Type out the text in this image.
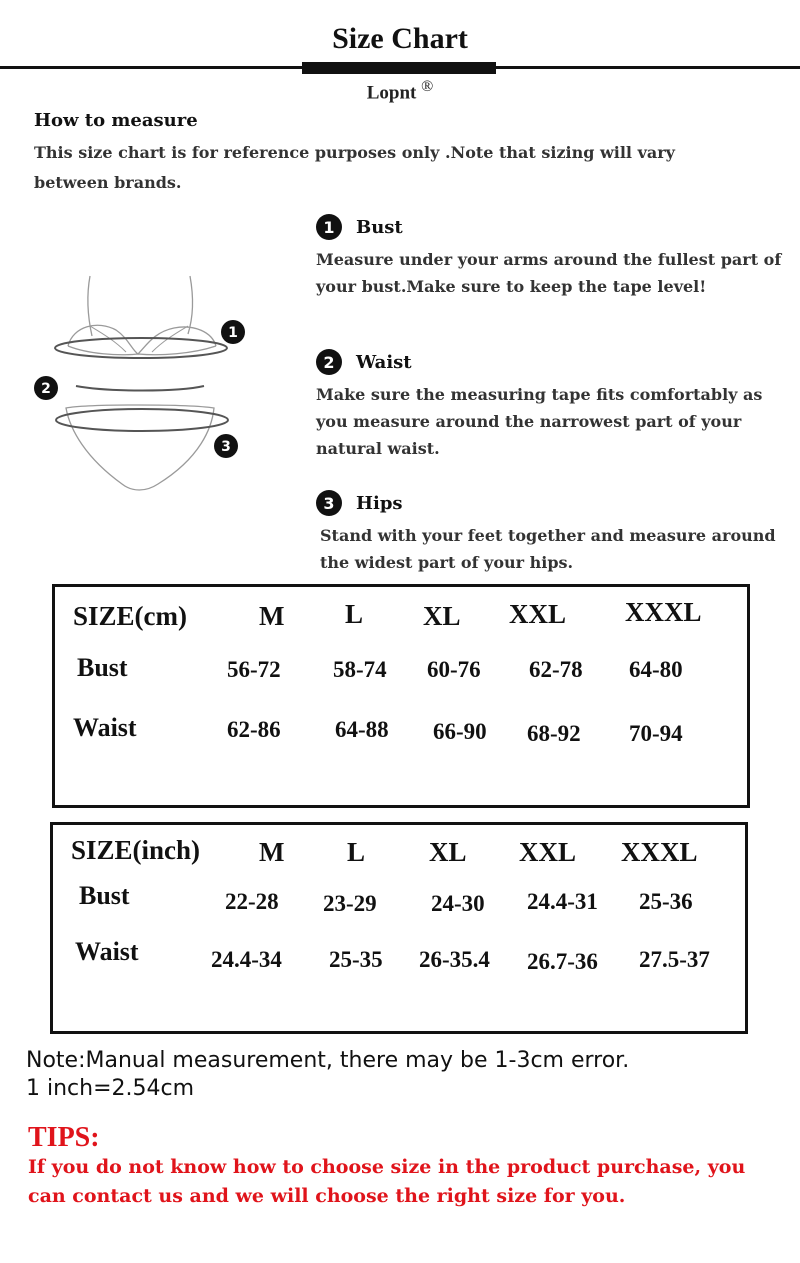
Size Chart
Lopnt ®
How to measure
This size chart is for reference purposes only .Note that sizing will vary between brands.
1
2
3
1	Bust
Measure under your arms around the fullest part of your bust.Make sure to keep the tape level!
2	Waist
Make sure the measuring tape fits comfortably as you measure around the narrowest part of your natural waist.
3	Hips
Stand with your feet together and measure around the widest part of your hips.
SIZE(cm)	M L XL XXL XXXL
Bust	56-72 58-74 60-76 62-78 64-80
Waist	62-86 64-88 66-90 68-92 70-94
SIZE(inch) M L XL XXL XXXL
Bust	22-28 23-29 24-30 24.4-31 25-36
Waist	24.4-34 25-35 26-35.4 26.7-36 27.5-37
Note:Manual measurement, there may be 1-3cm error.
1 inch=2.54cm
TIPS:
If you do not know how to choose size in the product purchase, you can contact us and we will choose the right size for you.
